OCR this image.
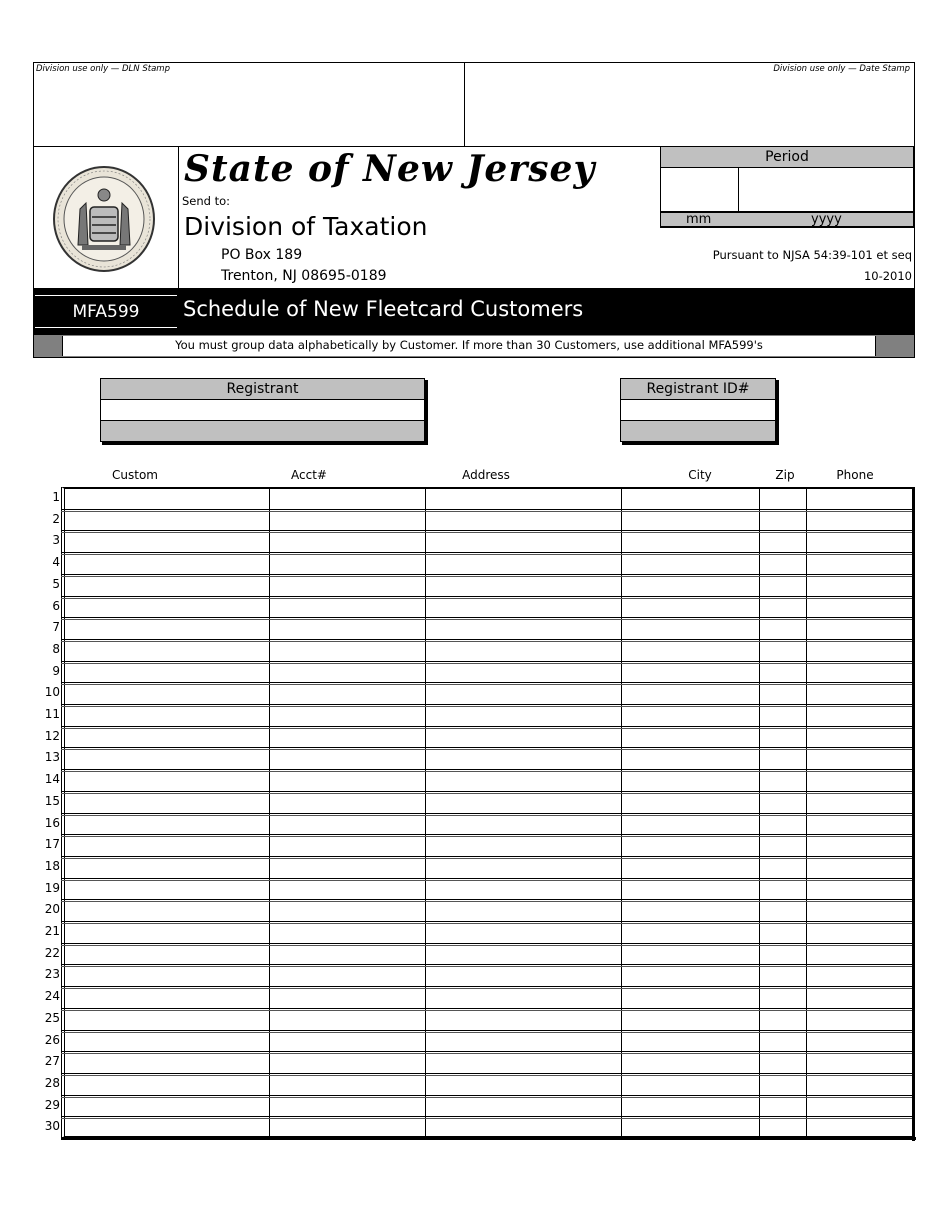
Division use only — DLN Stamp	Division use only — Date Stamp
State of New Jersey
Send to:
Division of Taxation
PO Box 189
Trenton, NJ 08695-0189
Period
mm	yyyy
Pursuant to NJSA 54:39-101 et seq
10-2010
MFA599	Schedule of New Fleetcard Customers
You must group data alphabetically by Customer. If more than 30 Customers, use additional MFA599's
Registrant	Registrant ID#
Custom	Acct#	Address	City	Zip	Phone
1
2
3
4
5
6
7
8
9
10
11
12
13
14
15
16
17
18
19
20
21
22
23
24
25
26
27
28
29
30
